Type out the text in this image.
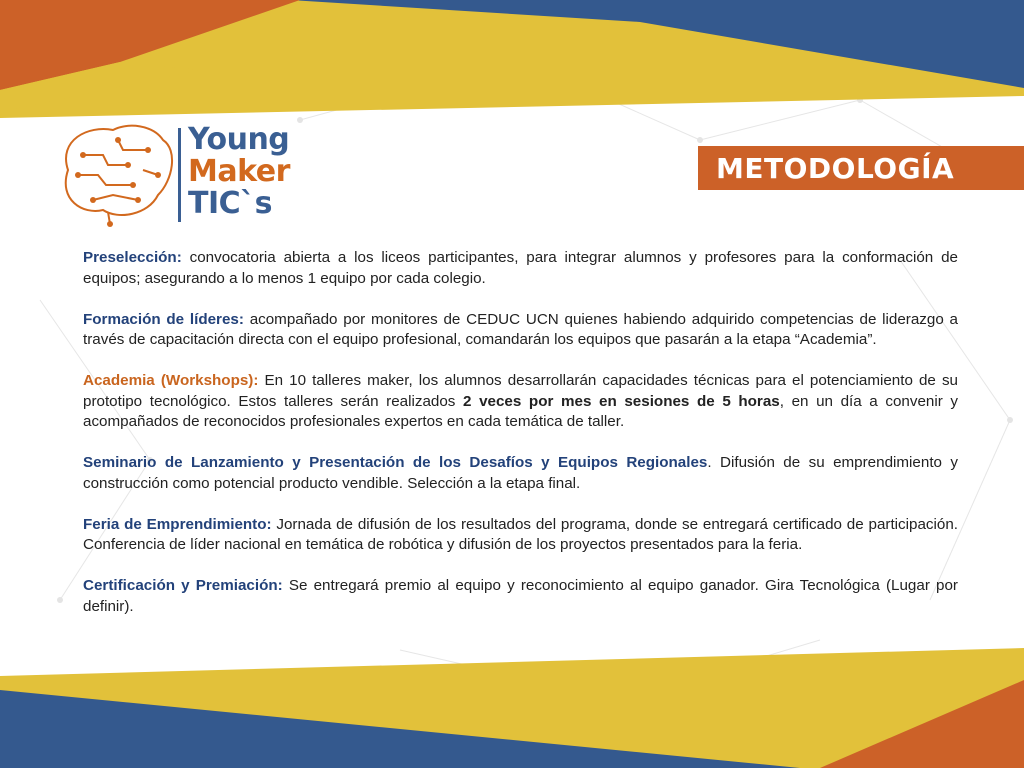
Young
Maker
TIC`s
METODOLOGÍA

Preselección: convocatoria abierta a los liceos participantes, para integrar alumnos y profesores para la conformación de equipos; asegurando a lo menos 1 equipo por cada colegio.

Formación de líderes: acompañado por monitores de CEDUC UCN quienes habiendo adquirido competencias de liderazgo a través de capacitación directa con el equipo profesional, comandarán los equipos que pasarán a la etapa “Academia”.

Academia (Workshops): En 10 talleres maker, los alumnos desarrollarán capacidades técnicas para el potenciamiento de su prototipo tecnológico. Estos talleres serán realizados 2 veces por mes en sesiones de 5 horas, en un día a convenir y acompañados de reconocidos profesionales expertos en cada temática de taller.

Seminario de Lanzamiento y Presentación de los Desafíos y Equipos Regionales. Difusión de su emprendimiento y construcción como potencial producto vendible. Selección a la etapa final.

Feria de Emprendimiento: Jornada de difusión de los resultados del programa, donde se entregará certificado de participación. Conferencia de líder nacional en temática de robótica y difusión de los proyectos presentados para la feria.

Certificación y Premiación: Se entregará premio al equipo y reconocimiento al equipo ganador. Gira Tecnológica (Lugar por definir).
